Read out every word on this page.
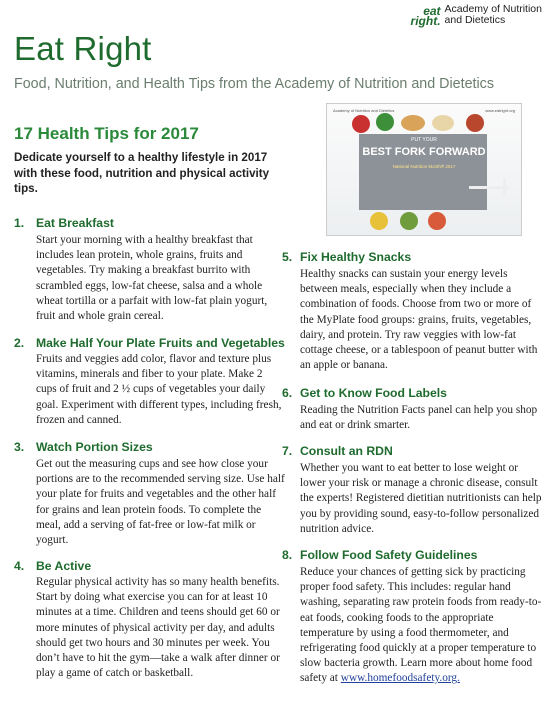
eat
right.
Academy of Nutrition
and Dietetics
Eat Right

Food, Nutrition, and Health Tips from the Academy of Nutrition and Dietetics

17 Health Tips for 2017

Dedicate yourself to a healthy lifestyle in 2017 with these food, nutrition and physical activity tips.

Academy of Nutrition and Dietetics	www.eatright.org
PUT YOUR
BEST FORK FORWARD
National Nutrition Month® 2017
1. Eat Breakfast

Start your morning with a healthy breakfast that includes lean protein, whole grains, fruits and vegetables. Try making a breakfast burrito with scrambled eggs, low-fat cheese, salsa and a whole wheat tortilla or a parfait with low-fat plain yogurt, fruit and whole grain cereal.

2. Make Half Your Plate Fruits and Vegetables

Fruits and veggies add color, flavor and texture plus vitamins, minerals and fiber to your plate. Make 2 cups of fruit and 2 ½ cups of vegetables your daily goal. Experiment with different types, including fresh, frozen and canned.

3. Watch Portion Sizes

Get out the measuring cups and see how close your portions are to the recommended serving size. Use half your plate for fruits and vegetables and the other half for grains and lean protein foods. To complete the meal, add a serving of fat-free or low-fat milk or yogurt.

4. Be Active

Regular physical activity has so many health benefits. Start by doing what exercise you can for at least 10 minutes at a time. Children and teens should get 60 or more minutes of physical activity per day, and adults should get two hours and 30 minutes per week. You don’t have to hit the gym—take a walk after dinner or play a game of catch or basketball.

5. Fix Healthy Snacks

Healthy snacks can sustain your energy levels between meals, especially when they include a combination of foods. Choose from two or more of the MyPlate food groups: grains, fruits, vegetables, dairy, and protein. Try raw veggies with low-fat cottage cheese, or a tablespoon of peanut butter with an apple or banana.

6. Get to Know Food Labels

Reading the Nutrition Facts panel can help you shop and eat or drink smarter.

7. Consult an RDN

Whether you want to eat better to lose weight or lower your risk or manage a chronic disease, consult the experts! Registered dietitian nutritionists can help you by providing sound, easy-to-follow personalized nutrition advice.

8. Follow Food Safety Guidelines

Reduce your chances of getting sick by practicing proper food safety. This includes: regular hand washing, separating raw protein foods from ready-to-eat foods, cooking foods to the appropriate temperature by using a food thermometer, and refrigerating food quickly at a proper temperature to slow bacteria growth. Learn more about home food safety at www.homefoodsafety.org.
